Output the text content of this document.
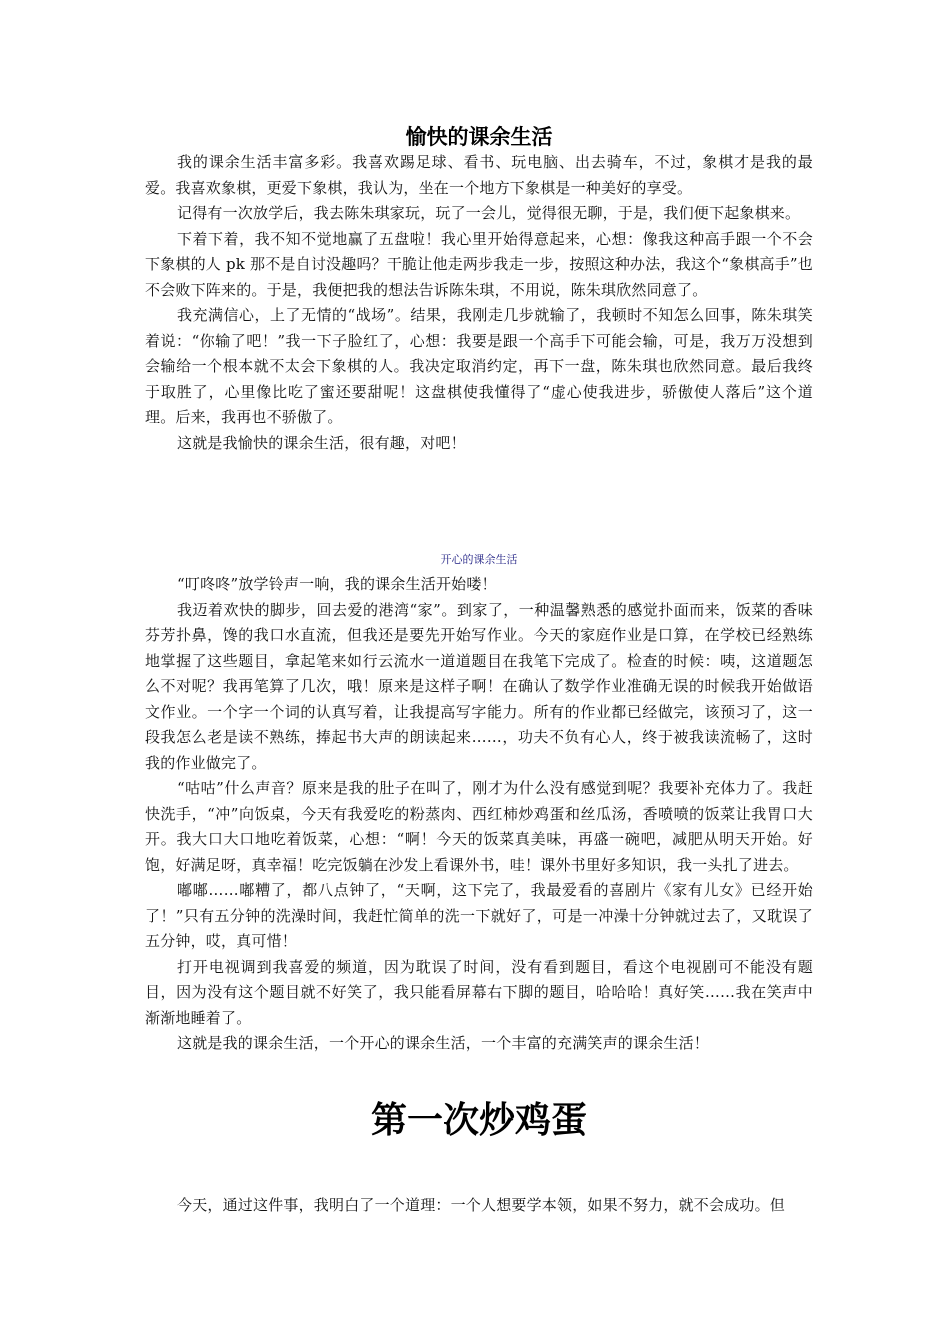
愉快的课余生活

我的课余生活丰富多彩。我喜欢踢足球、看书、玩电脑、出去骑车，不过，象棋才是我的最爱。我喜欢象棋，更爱下象棋，我认为，坐在一个地方下象棋是一种美好的享受。

记得有一次放学后，我去陈朱琪家玩，玩了一会儿，觉得很无聊，于是，我们便下起象棋来。

下着下着，我不知不觉地赢了五盘啦！我心里开始得意起来，心想：像我这种高手跟一个不会下象棋的人 pk 那不是自讨没趣吗？干脆让他走两步我走一步，按照这种办法，我这个“象棋高手”也不会败下阵来的。于是，我便把我的想法告诉陈朱琪，不用说，陈朱琪欣然同意了。

我充满信心，上了无情的“战场”。结果，我刚走几步就输了，我顿时不知怎么回事，陈朱琪笑着说：“你输了吧！”我一下子脸红了，心想：我要是跟一个高手下可能会输，可是，我万万没想到会输给一个根本就不太会下象棋的人。我决定取消约定，再下一盘，陈朱琪也欣然同意。最后我终于取胜了，心里像比吃了蜜还要甜呢！这盘棋使我懂得了“虚心使我进步，骄傲使人落后”这个道理。后来，我再也不骄傲了。

这就是我愉快的课余生活，很有趣，对吧！

开心的课余生活

“叮咚咚”放学铃声一响，我的课余生活开始喽！

我迈着欢快的脚步，回去爱的港湾“家”。到家了，一种温馨熟悉的感觉扑面而来，饭菜的香味芬芳扑鼻，馋的我口水直流，但我还是要先开始写作业。今天的家庭作业是口算，在学校已经熟练地掌握了这些题目，拿起笔来如行云流水一道道题目在我笔下完成了。检查的时候：咦，这道题怎么不对呢？我再笔算了几次，哦！原来是这样子啊！在确认了数学作业准确无误的时候我开始做语文作业。一个字一个词的认真写着，让我提高写字能力。所有的作业都已经做完，该预习了，这一段我怎么老是读不熟练，捧起书大声的朗读起来……，功夫不负有心人，终于被我读流畅了，这时我的作业做完了。

“咕咕”什么声音？原来是我的肚子在叫了，刚才为什么没有感觉到呢？我要补充体力了。我赶快洗手，“冲”向饭桌，今天有我爱吃的粉蒸肉、西红柿炒鸡蛋和丝瓜汤，香喷喷的饭菜让我胃口大开。我大口大口地吃着饭菜，心想：“啊！今天的饭菜真美味，再盛一碗吧，减肥从明天开始。好饱，好满足呀，真幸福！吃完饭躺在沙发上看课外书，哇！课外书里好多知识，我一头扎了进去。

嘟嘟……嘟糟了，都八点钟了，“天啊，这下完了，我最爱看的喜剧片《家有儿女》已经开始了！”只有五分钟的洗澡时间，我赶忙简单的洗一下就好了，可是一冲澡十分钟就过去了，又耽误了五分钟，哎，真可惜！

打开电视调到我喜爱的频道，因为耽误了时间，没有看到题目，看这个电视剧可不能没有题目，因为没有这个题目就不好笑了，我只能看屏幕右下脚的题目，哈哈哈！真好笑……我在笑声中渐渐地睡着了。

这就是我的课余生活，一个开心的课余生活，一个丰富的充满笑声的课余生活！

第一次炒鸡蛋

今天，通过这件事，我明白了一个道理：一个人想要学本领，如果不努力，就不会成功。但
